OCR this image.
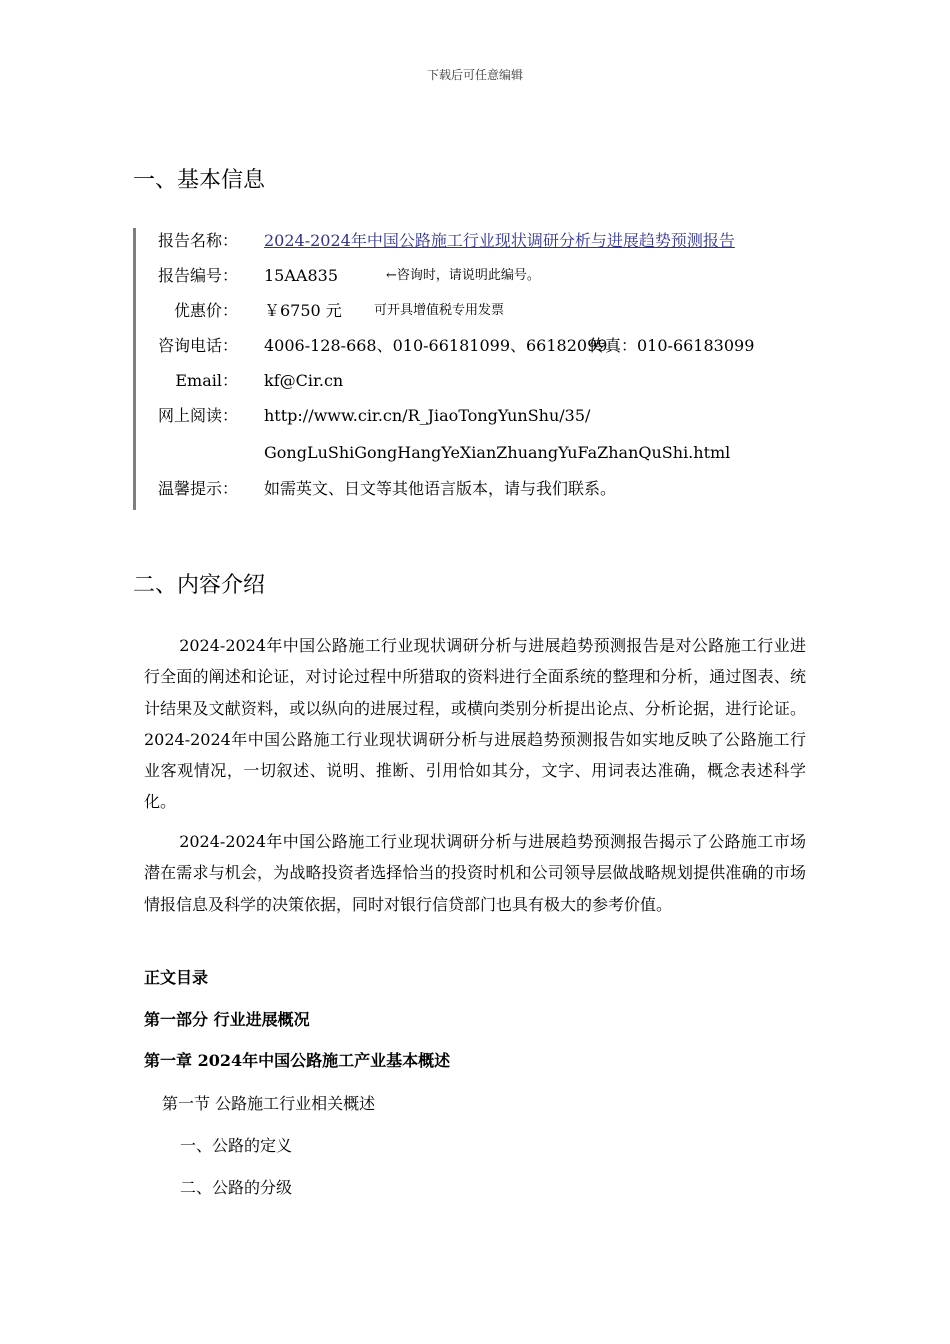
下载后可任意编辑
一、基本信息
报告名称： 2024-2024年中国公路施工行业现状调研分析与进展趋势预测报告
报告编号： 15AA835	←咨询时，请说明此编号。
优惠价： ￥6750 元 可开具增值税专用发票
咨询电话： 4006-128-668、010-66181099、66182099
传真：010-66183099
Email： kf@Cir.cn
网上阅读： http://www.cir.cn/R_JiaoTongYunShu/35/
GongLuShiGongHangYeXianZhuangYuFaZhanQuShi.html
温馨提示： 如需英文、日文等其他语言版本，请与我们联系。
二、内容介绍

2024-2024年中国公路施工行业现状调研分析与进展趋势预测报告是对公路施工行业进行全面的阐述和论证，对讨论过程中所猎取的资料进行全面系统的整理和分析，通过图表、统计结果及文献资料，或以纵向的进展过程，或横向类别分析提出论点、分析论据，进行论证。2024-2024年中国公路施工行业现状调研分析与进展趋势预测报告如实地反映了公路施工行业客观情况，一切叙述、说明、推断、引用恰如其分，文字、用词表达准确，概念表述科学化。

2024-2024年中国公路施工行业现状调研分析与进展趋势预测报告揭示了公路施工市场潜在需求与机会，为战略投资者选择恰当的投资时机和公司领导层做战略规划提供准确的市场情报信息及科学的决策依据，同时对银行信贷部门也具有极大的参考价值。

正文目录
第一部分 行业进展概况
第一章 2024年中国公路施工产业基本概述
第一节 公路施工行业相关概述
一、公路的定义
二、公路的分级
